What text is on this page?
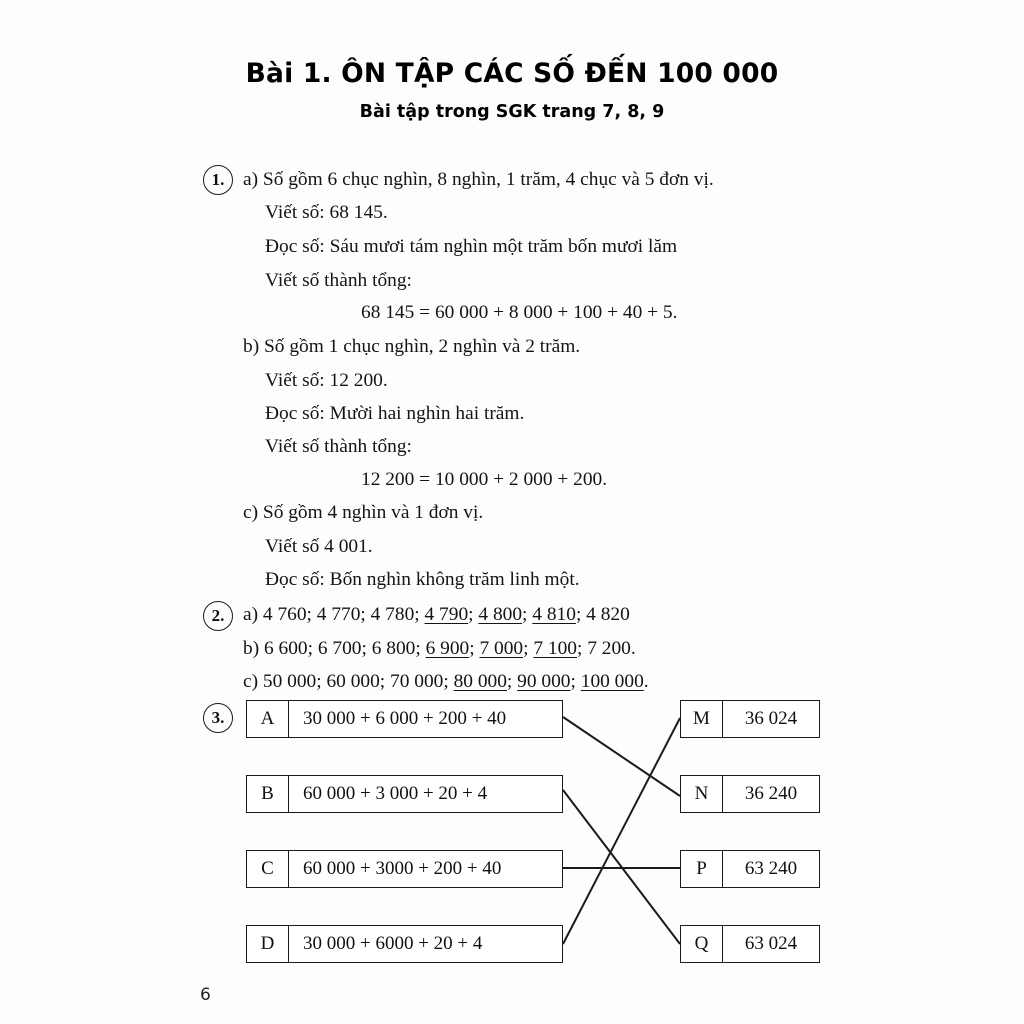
Bài 1. ÔN TẬP CÁC SỐ ĐẾN 100 000
Bài tập trong SGK trang 7, 8, 9
1. a) Số gồm 6 chục nghìn, 8 nghìn, 1 trăm, 4 chục và 5 đơn vị.
Viết số: 68 145.
Đọc số: Sáu mươi tám nghìn một trăm bốn mươi lăm
Viết số thành tổng:
68 145 = 60 000 + 8 000 + 100 + 40 + 5.
b) Số gồm 1 chục nghìn, 2 nghìn và 2 trăm.
Viết số: 12 200.
Đọc số: Mười hai nghìn hai trăm.
Viết số thành tổng:
12 200 = 10 000 + 2 000 + 200.
c) Số gồm 4 nghìn và 1 đơn vị.
Viết số 4 001.
Đọc số: Bốn nghìn không trăm linh một.
2. a) 4 760; 4 770; 4 780; 4 790; 4 800; 4 810; 4 820
b) 6 600; 6 700; 6 800; 6 900; 7 000; 7 100; 7 200.
c) 50 000; 60 000; 70 000; 80 000; 90 000; 100 000.
3.	A	30 000 + 6 000 + 200 + 40
B	60 000 + 3 000 + 20 + 4
C	60 000 + 3000 + 200 + 40
D	30 000 + 6000 + 20 + 4
M	36 024
N	36 240
P	63 240
Q	63 024
6
